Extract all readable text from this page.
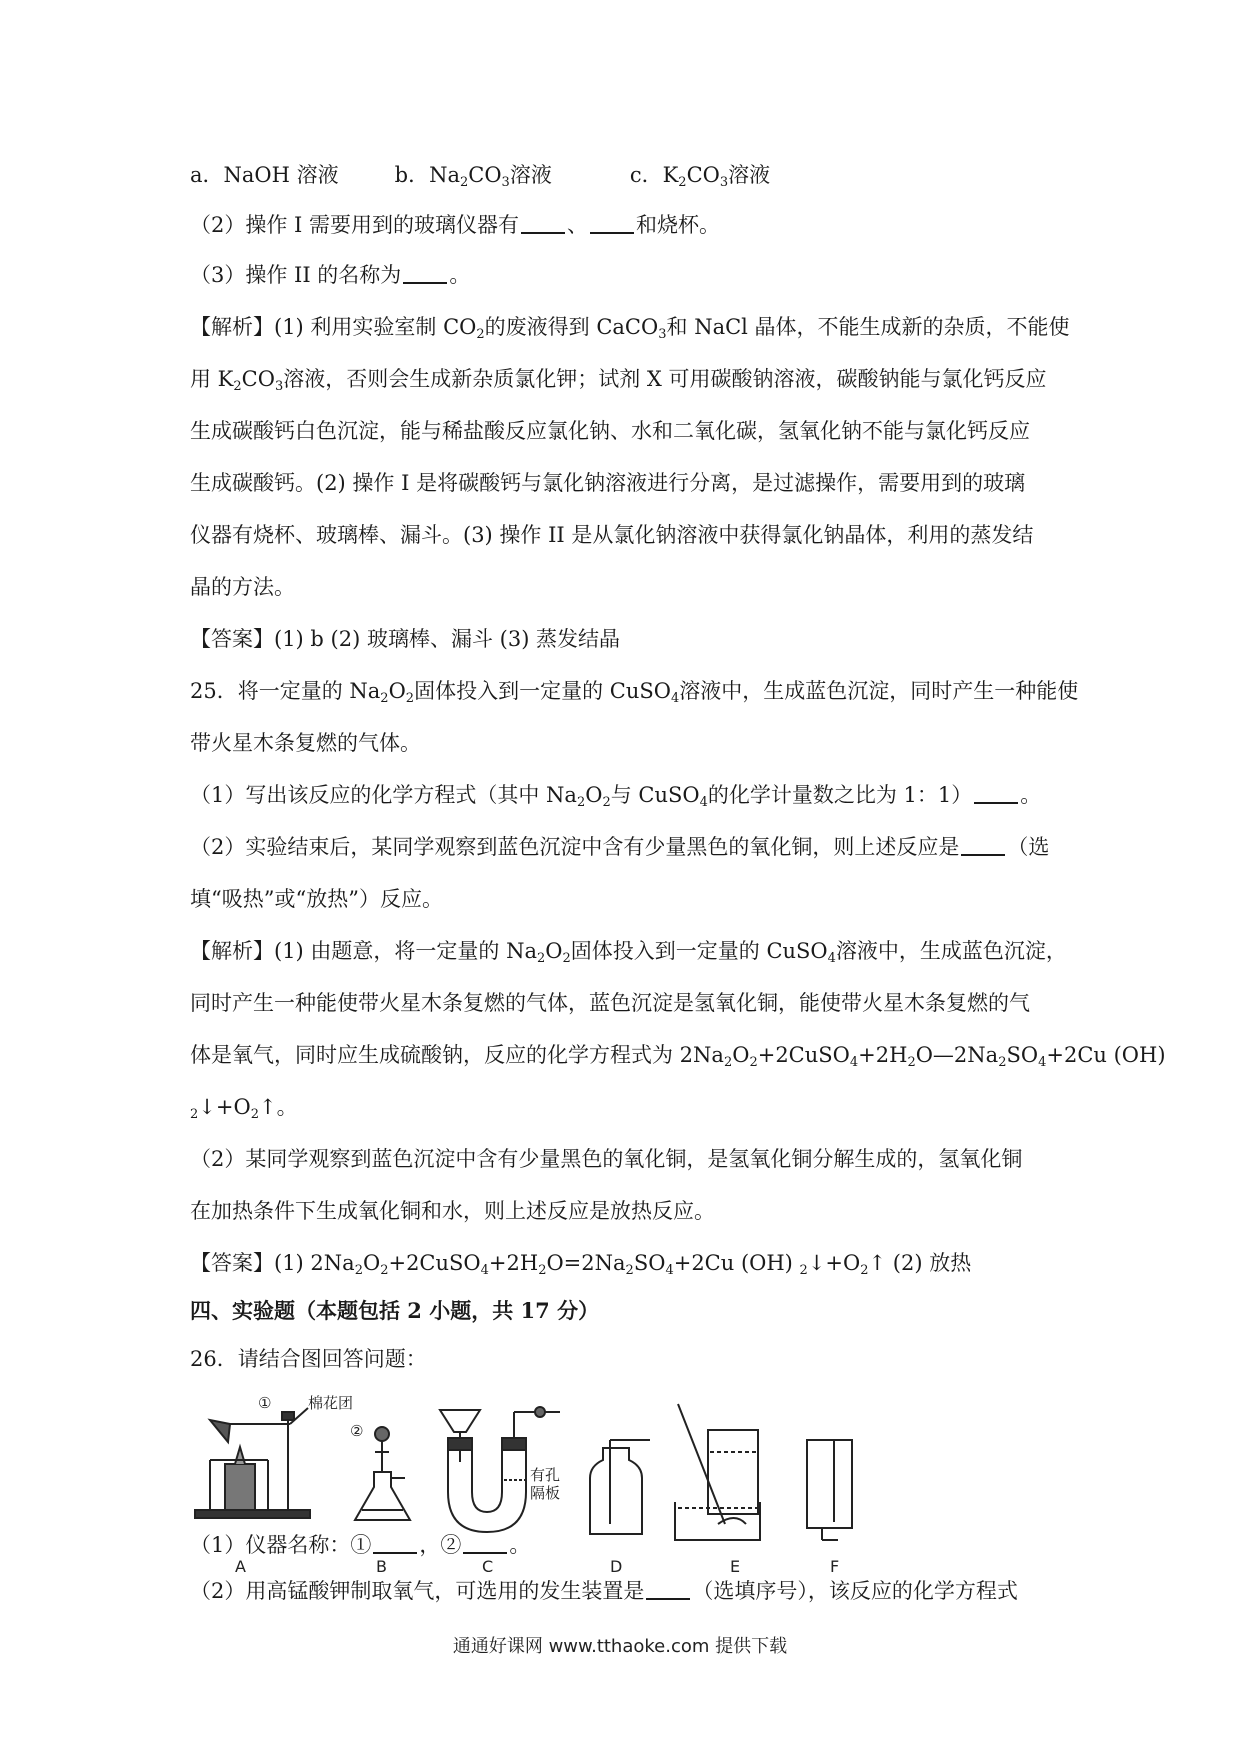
a．NaOH 溶液	b．$Na_2CO_3$溶液	c．$K_2CO_3$溶液
（2）操作 I 需要用到的玻璃仪器有 、 和烧杯。
（3）操作 II 的名称为 。
【解析】(1) 利用实验室制 $CO_2$的废液得到 CaCO$_3$和 NaCl 晶体，不能生成新的杂质，不能使
用 $K_2CO_3$溶液，否则会生成新杂质氯化钾；试剂 X 可用碳酸钠溶液，碳酸钠能与氯化钙反应
生成碳酸钙白色沉淀，能与稀盐酸反应氯化钠、水和二氧化碳，氢氧化钠不能与氯化钙反应
生成碳酸钙。(2) 操作 I 是将碳酸钙与氯化钠溶液进行分离，是过滤操作，需要用到的玻璃
仪器有烧杯、玻璃棒、漏斗。(3) 操作 II 是从氯化钠溶液中获得氯化钠晶体，利用的蒸发结
晶的方法。
【答案】(1) b (2) 玻璃棒、漏斗 (3) 蒸发结晶
25．将一定量的 $Na_2O_2$固体投入到一定量的 CuSO$_4$溶液中，生成蓝色沉淀，同时产生一种能使
带火星木条复燃的气体。
（1）写出该反应的化学方程式（其中 $Na_2O_2$与 CuSO$_4$的化学计量数之比为 1：1） 。
（2）实验结束后，某同学观察到蓝色沉淀中含有少量黑色的氧化铜，则上述反应是 （选
填“吸热”或“放热”）反应。
【解析】(1) 由题意，将一定量的 $Na_2O_2$固体投入到一定量的 CuSO$_4$溶液中，生成蓝色沉淀，
同时产生一种能使带火星木条复燃的气体，蓝色沉淀是氢氧化铜，能使带火星木条复燃的气
体是氧气，同时应生成硫酸钠，反应的化学方程式为 $2Na_2O_2+2CuSO_4+2H_2O—2Na_2SO_4+2Cu$ (OH)
$_2↓+O_2↑$。
（2）某同学观察到蓝色沉淀中含有少量黑色的氧化铜，是氢氧化铜分解生成的，氢氧化铜
在加热条件下生成氧化铜和水，则上述反应是放热反应。
【答案】(1) $2Na_2O_2+2CuSO_4+2H_2O=2Na_2SO_4+2Cu$ (OH) $_2↓+O_2↑$ (2) 放热
四、实验题（本题包括 2 小题，共 17 分）
26．请结合图回答问题：
① 棉花团
②
有孔
隔板
A	B	C	D	E	F
（1）仪器名称：① ，② 。
（2）用高锰酸钾制取氧气，可选用的发生装置是 （选填序号），该反应的化学方程式
通通好课网 www.tthaoke.com 提供下载
